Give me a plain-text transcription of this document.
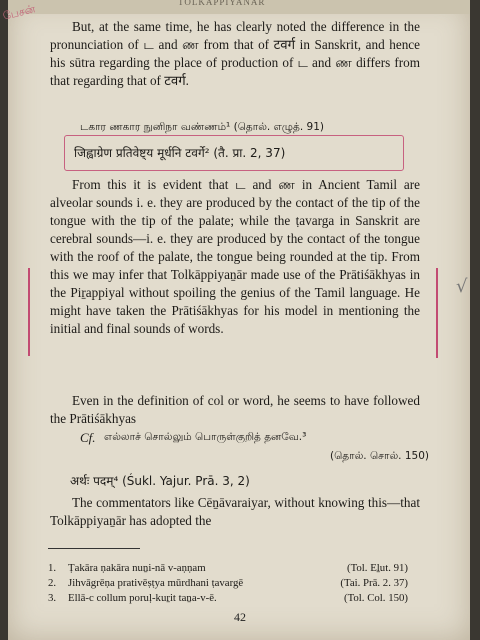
TOLKAPPIYANAR
பேசன்
√

But, at the same time, he has clearly noted the difference in the pronunciation of ட and ண from that of टवर्ग in Sanskrit, and hence his sūtra regarding the place of production of ட and ண differs from that regarding that of टवर्ग.

டகார ணகார நுனிநா வண்ணம்¹ (தொல். எழுத். 91)
जिह्वाग्रेण प्रतिवेष्ट्य मूर्धनि टवर्गे² (तै. प्रा. 2, 37)

From this it is evident that ட and ண in Ancient Tamil are alveolar sounds i. e. they are produced by the contact of the tip of the tongue with the tip of the palate; while the ṭavarga in Sanskrit are cerebral sounds—i. e. they are produced by the contact of the tongue with the roof of the palate, the tongue being rounded at the tip. From this we may infer that Tolkāppiyaṉār made use of the Prātiśākhyas in the Piṟappiyal without spoiling the genius of the Tamil language. He might have taken the Prātiśākhyas for his model in mentioning the initial and final sounds of words.

Even in the definition of col or word, he seems to have followed the Prātiśākhyas

Cf. எல்லாச் சொல்லும் பொருள்குறித் தனவே.³
(தொல். சொல். 150)
अर्थः पदम्⁴ (Śukl. Yajur. Prā. 3, 2)

The commentators like Cēṉāvaraiyar, without knowing this—that Tolkāppiyaṉār has adopted the

1. Ṭakāra ṇakāra nuṉi-nā v-aṇṇam	(Tol. Eḻut. 91)
2. Jihvāgrēṇa prativēṣṭya mūrdhani ṭavargē	(Tai. Prā. 2. 37)
3. Ellā-c collum poruḷ-kuṟit taṉa-v-ē.	(Tol. Col. 150)
42
